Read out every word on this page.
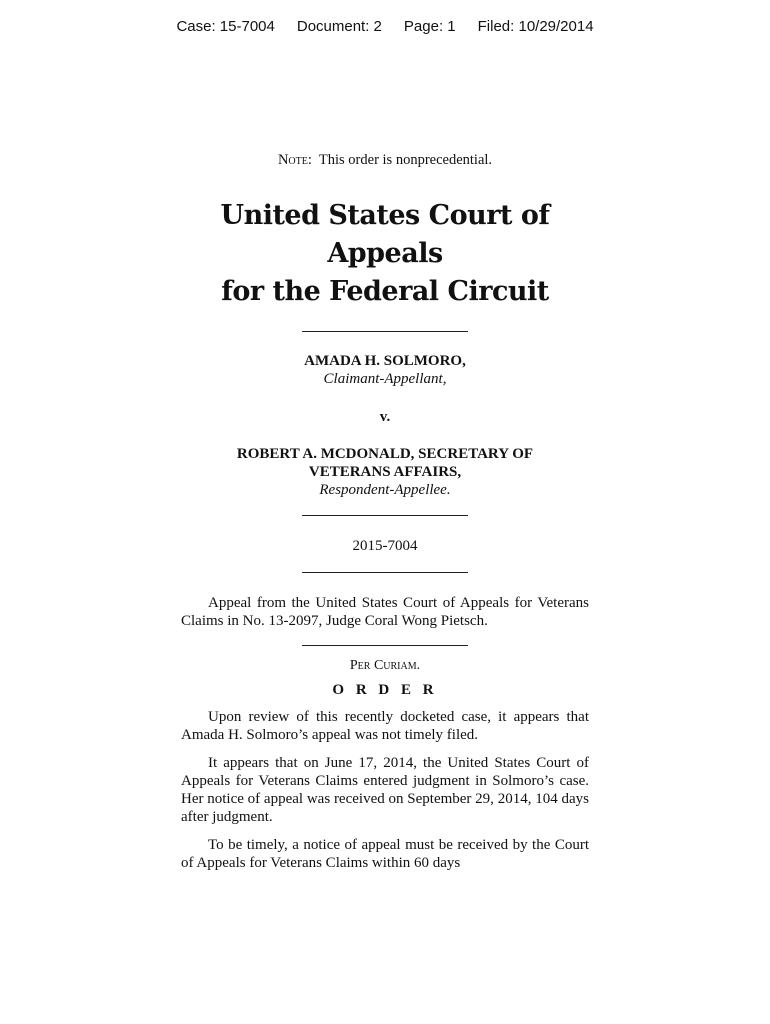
Case: 15-7004 Document: 2 Page: 1 Filed: 10/29/2014

Note: This order is nonprecedential.

United States Court of Appeals
for the Federal Circuit
AMADA H. SOLMORO,
Claimant-Appellant,
v.
ROBERT A. MCDONALD, SECRETARY OF
VETERANS AFFAIRS,
Respondent-Appellee.
2015-7004

Appeal from the United States Court of Appeals for Veterans Claims in No. 13-2097, Judge Coral Wong Pietsch.

Per Curiam.
O R D E R

Upon review of this recently docketed case, it appears that Amada H. Solmoro’s appeal was not timely filed.

It appears that on June 17, 2014, the United States Court of Appeals for Veterans Claims entered judgment in Solmoro’s case. Her notice of appeal was received on September 29, 2014, 104 days after judgment.

To be timely, a notice of appeal must be received by the Court of Appeals for Veterans Claims within 60 days
